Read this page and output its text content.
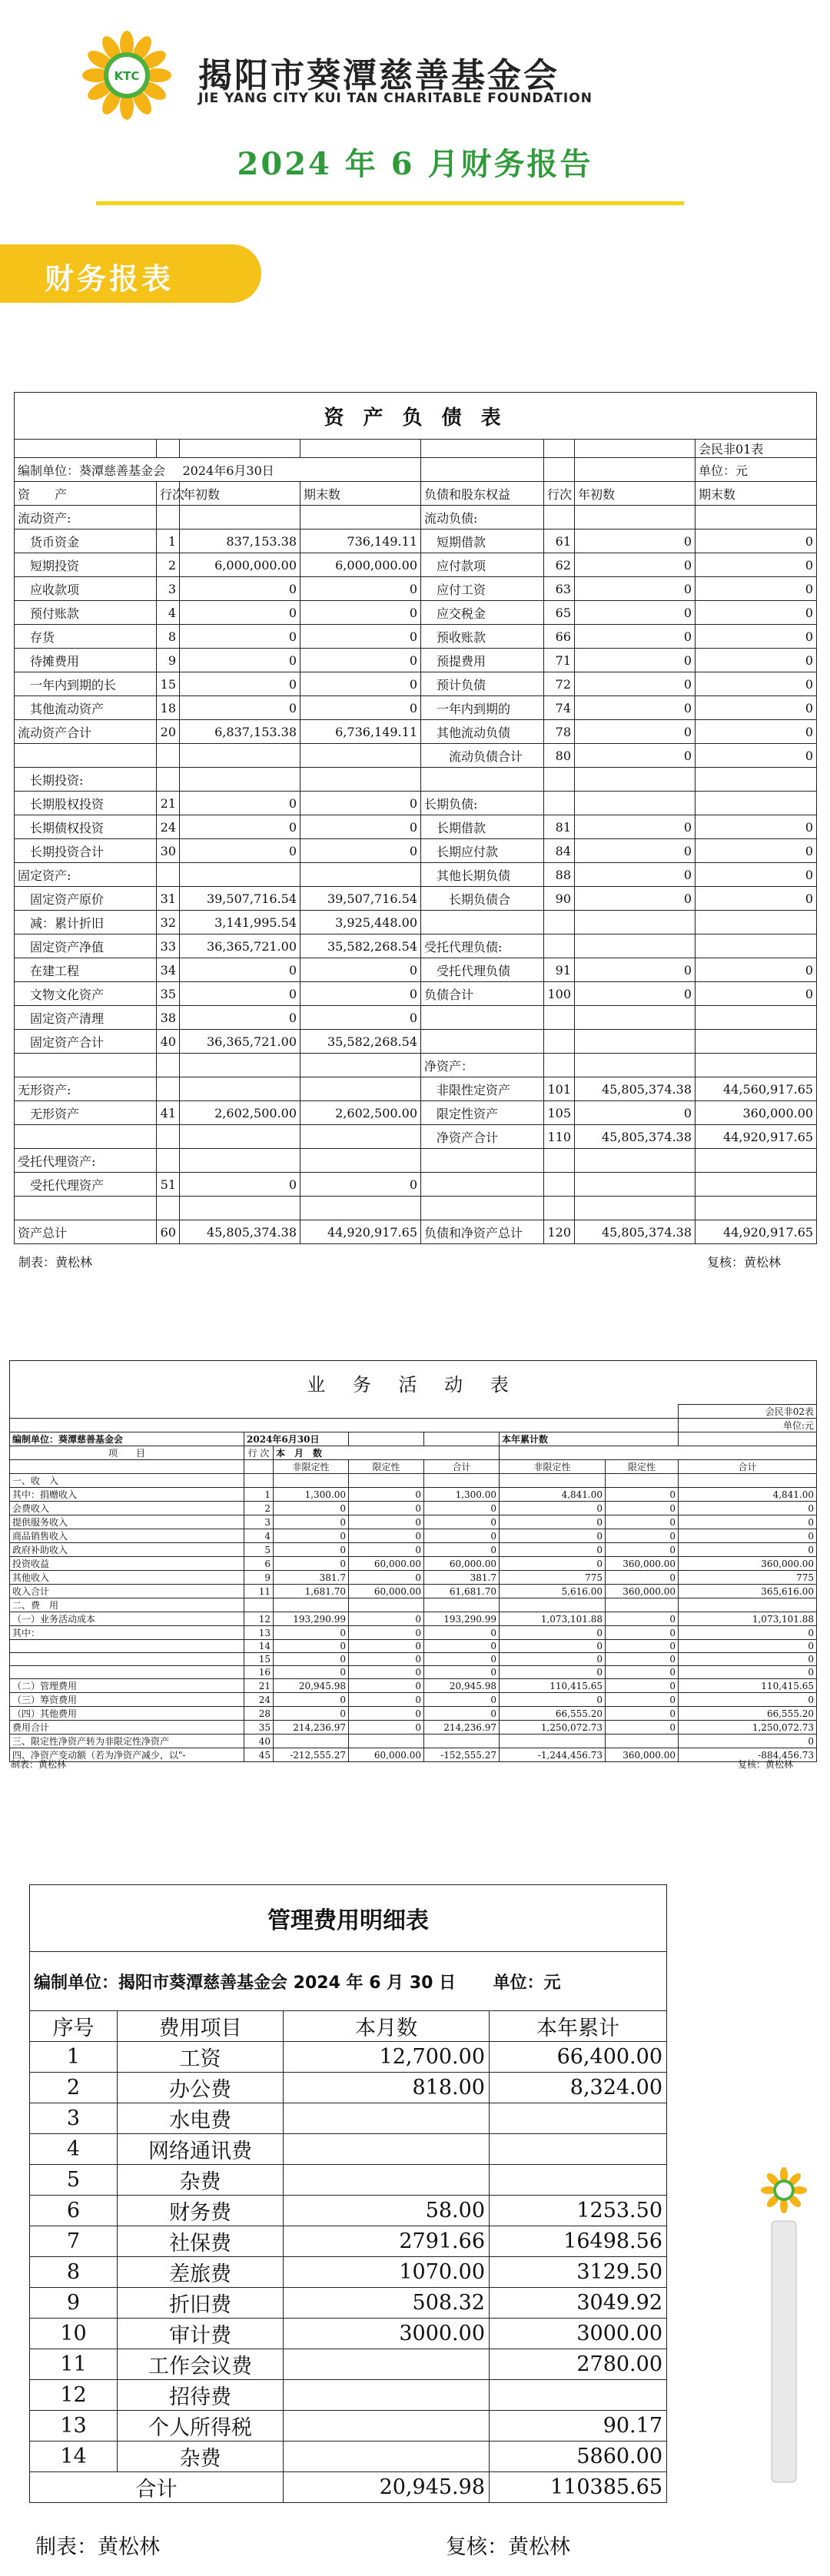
KTC 揭阳市葵潭慈善基金会
JIE YANG CITY KUI TAN CHARITABLE FOUNDATION
2024 年 6 月财务报告
财务报表
资 产 负 债 表							
							会民非01表
编制单位：葵潭慈善基金会		2024年6月30日					单位：元
资　　产	行次	年初数	期末数	负债和股东权益	行次	年初数	期末数
流动资产:				流动负债:			
　货币资金	1	837,153.38	736,149.11	　短期借款	61	0	0
　短期投资	2	6,000,000.00	6,000,000.00	　应付款项	62	0	0
　应收款项	3	0	0	　应付工资	63	0	0
　预付账款	4	0	0	　应交税金	65	0	0
　存货	8	0	0	　预收账款	66	0	0
　待摊费用	9	0	0	　预提费用	71	0	0
　一年内到期的长	15	0	0	　预计负债	72	0	0
　其他流动资产	18	0	0	　一年内到期的	74	0	0
流动资产合计	20	6,837,153.38	6,736,149.11	　其他流动负债	78	0	0
				　　流动负债合计	80	0	0
　长期投资:							
　长期股权投资	21	0	0	长期负债:			
　长期债权投资	24	0	0	　长期借款	81	0	0
　长期投资合计	30	0	0	　长期应付款	84	0	0
固定资产:				　其他长期负债	88	0	0
　固定资产原价	31	39,507,716.54	39,507,716.54	　　长期负债合	90	0	0
　减：累计折旧	32	3,141,995.54	3,925,448.00				
　固定资产净值	33	36,365,721.00	35,582,268.54	受托代理负债:			
　在建工程	34	0	0	　受托代理负债	91	0	0
　文物文化资产	35	0	0	负债合计	100	0	0
　固定资产清理	38	0	0				
　固定资产合计	40	36,365,721.00	35,582,268.54				
				净资产：			
无形资产:				　非限性定资产	101	45,805,374.38	44,560,917.65
　无形资产	41	2,602,500.00	2,602,500.00	　限定性资产	105	0	360,000.00
				　净资产合计	110	45,805,374.38	44,920,917.65
受托代理资产:							
　受托代理资产	51	0	0				

资产总计	60	45,805,374.38	44,920,917.65	负债和净资产总计	120	45,805,374.38	44,920,917.65
制表：黄松林	复核：黄松林
业 务 活 动 表							
							会民非02表
							单位:元
编制单位：葵潭慈善基金会	2024年6月30日				本年累计数		
项　　目	行 次	本　月　数					
		非限定性	限定性	合计	非限定性	限定性	合计
一、收　入							
其中：捐赠收入	1	1,300.00	0	1,300.00	4,841.00	0	4,841.00
会费收入	2	0	0	0	0	0	0
提供服务收入	3	0	0	0	0	0	0
商品销售收入	4	0	0	0	0	0	0
政府补助收入	5	0	0	0	0	0	0
投资收益	6	0	60,000.00	60,000.00	0	360,000.00	360,000.00
其他收入	9	381.7	0	381.7	775	0	775
收入合计	11	1,681.70	60,000.00	61,681.70	5,616.00	360,000.00	365,616.00
二、费　用							
（一）业务活动成本	12	193,290.99	0	193,290.99	1,073,101.88	0	1,073,101.88
其中：	13	0	0	0	0	0	0
	14	0	0	0	0	0	0
	15	0	0	0	0	0	0
	16	0	0	0	0	0	0
（二）管理费用	21	20,945.98	0	20,945.98	110,415.65	0	110,415.65
（三）筹资费用	24	0	0	0	0	0	0
（四）其他费用	28	0	0	0	66,555.20	0	66,555.20
费用合计	35	214,236.97	0	214,236.97	1,250,072.73	0	1,250,072.73
三、限定性净资产转为非限定性净资产	40						0
四、净资产变动额（若为净资产减少，以"-	45	-212,555.27	60,000.00	-152,555.27	-1,244,456.73	360,000.00	-884,456.73
制表：黄松林	复核：黄松林
管理费用明细表			
编制单位：揭阳市葵潭慈善基金会 2024 年 6 月 30 日			单位：元
序号	费用项目	本月数	本年累计
1	工资	12,700.00	66,400.00
2	办公费	818.00	8,324.00
3	水电费		
4	网络通讯费		
5	杂费		
6	财务费	58.00	1253.50
7	社保费	2791.66	16498.56
8	差旅费	1070.00	3129.50
9	折旧费	508.32	3049.92
10	审计费	3000.00	3000.00
11	工作会议费		2780.00
12	招待费		
13	个人所得税		90.17
14	杂费		5860.00
合计		20,945.98	110385.65
制表：黄松林	复核：黄松林
